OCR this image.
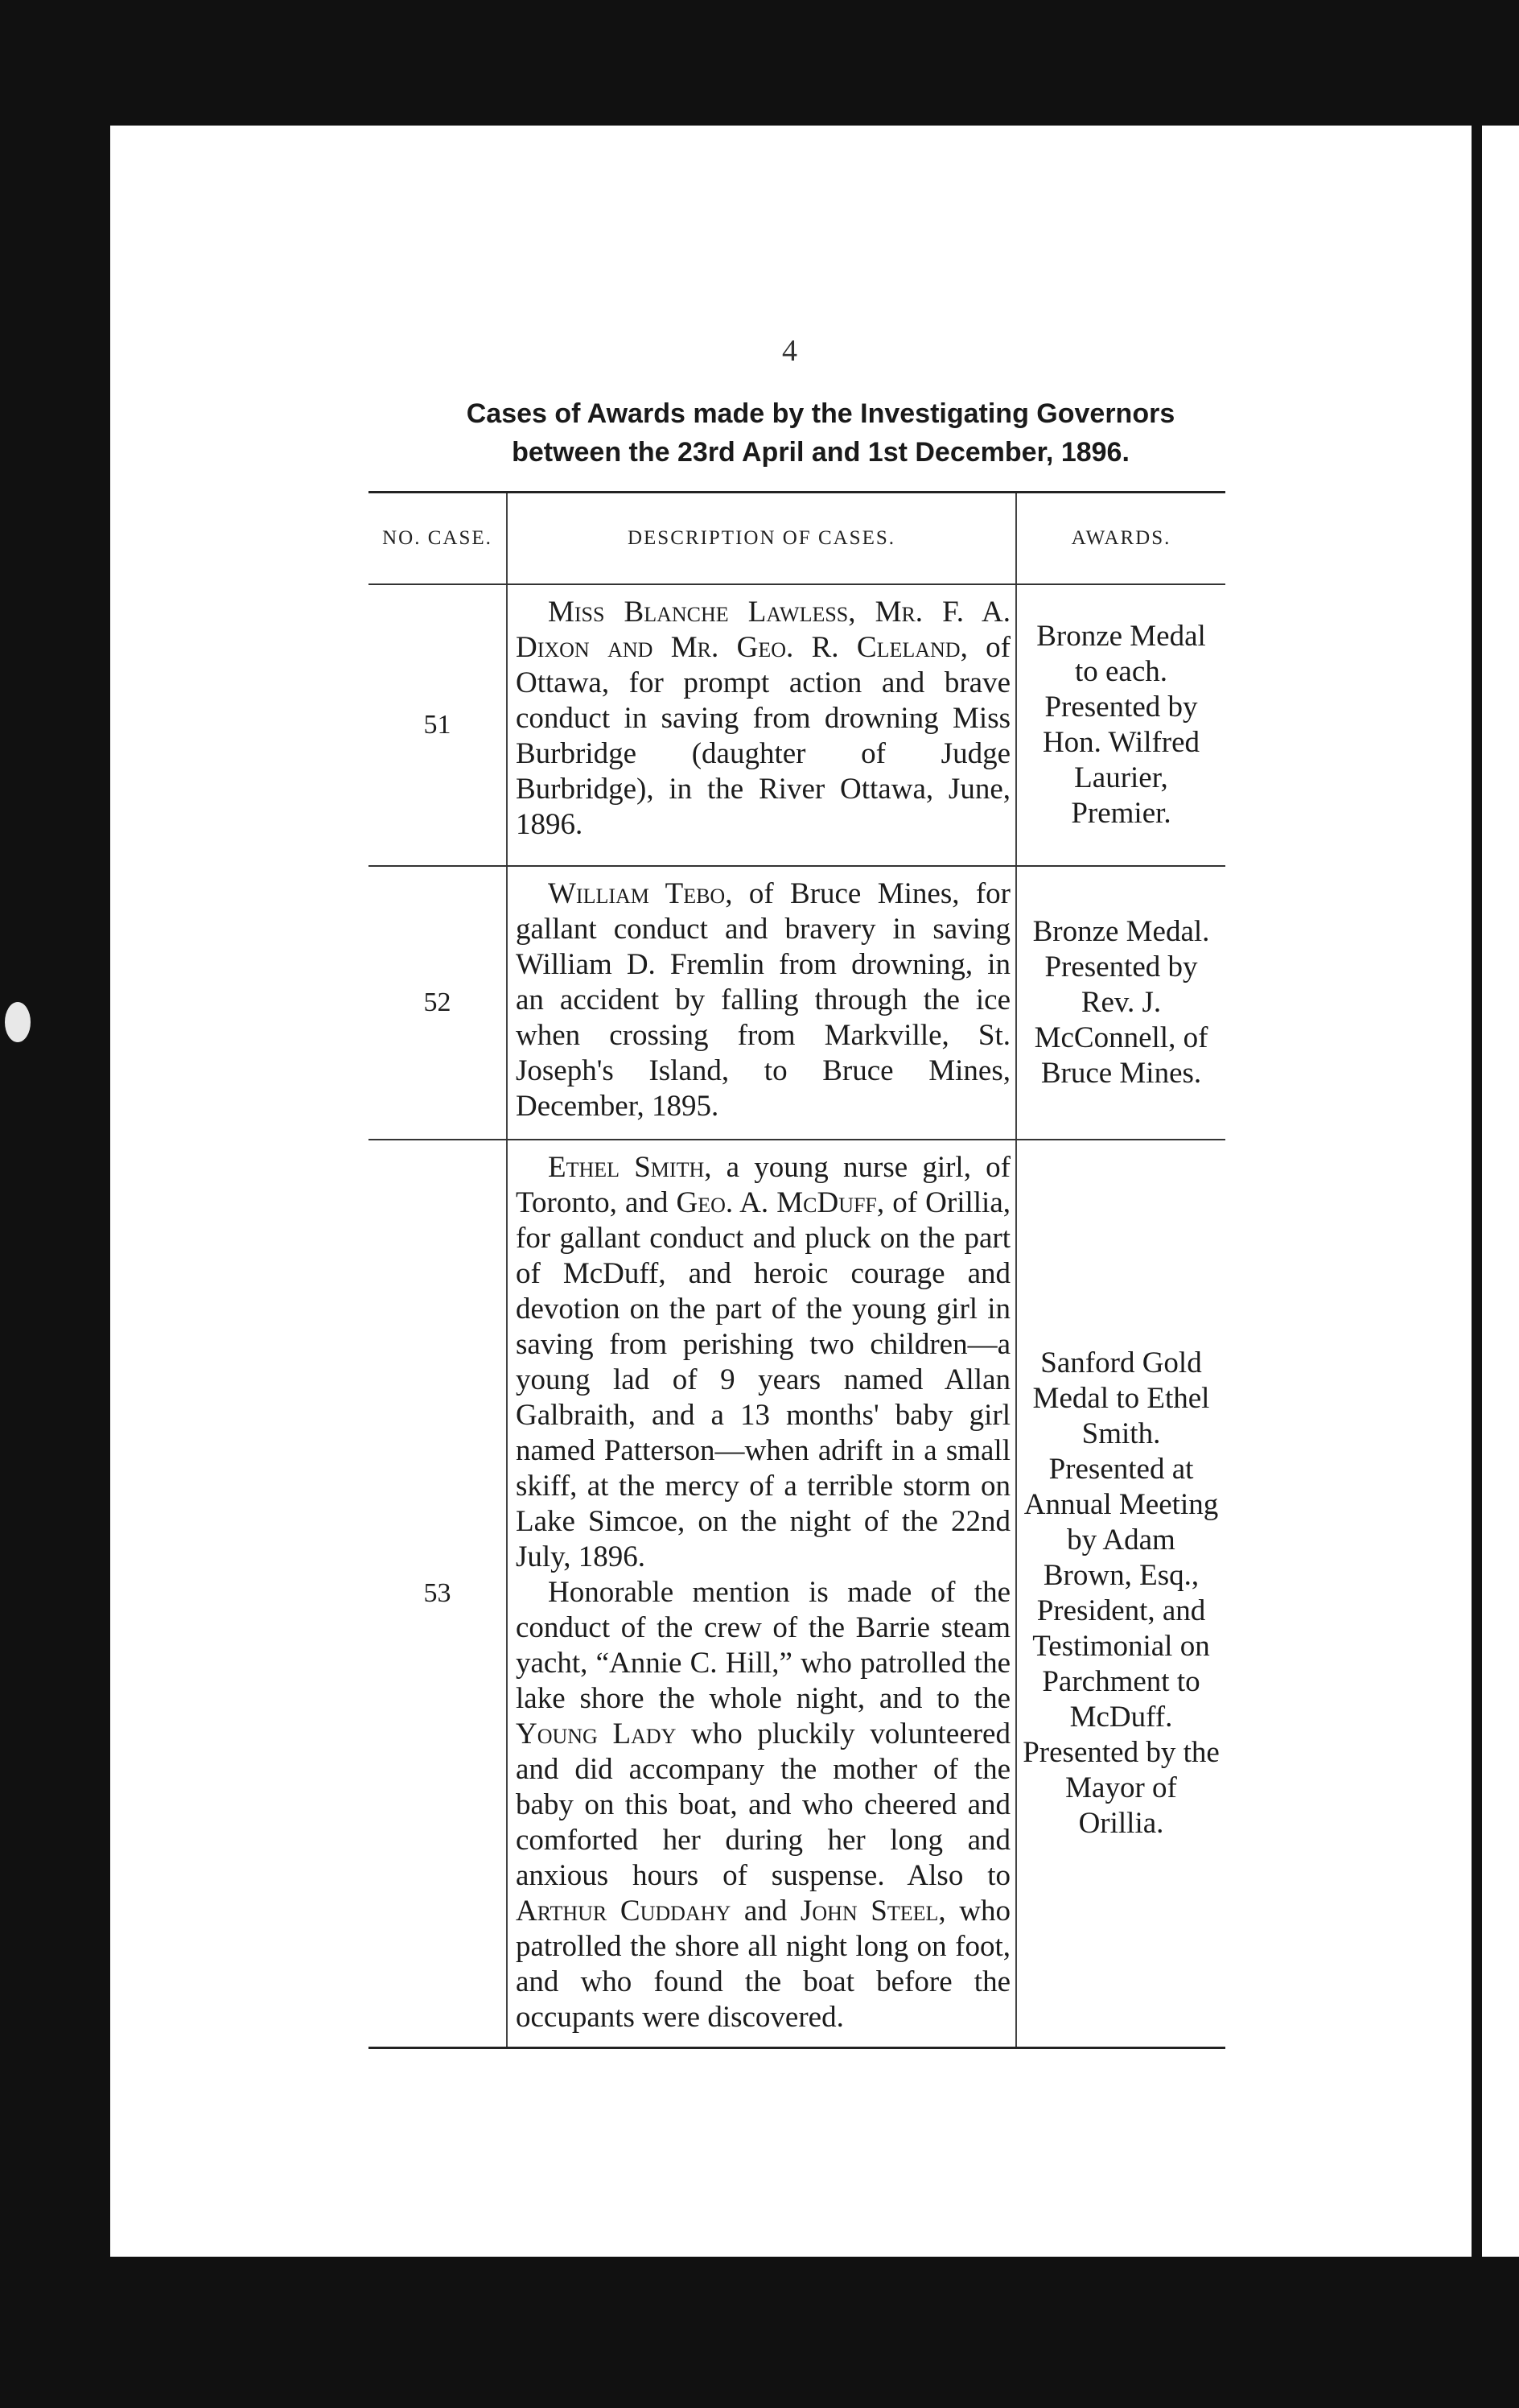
4
Cases of Awards made by the Investigating Governors
between the 23rd April and 1st December, 1896.
NO. CASE.	DESCRIPTION OF CASES.	AWARDS.
51	Miss Blanche Lawless, Mr. F. A. Dixon and Mr. Geo. R. Cleland, of Ottawa, for prompt action and brave conduct in saving from drowning Miss Burbridge (daughter of Judge Burbridge), in the River Ottawa, June, 1896.	Bronze Medal to each. Presented by Hon. Wilfred Laurier, Premier.
52	William Tebo, of Bruce Mines, for gallant conduct and bravery in saving William D. Fremlin from drowning, in an accident by falling through the ice when crossing from Markville, St. Joseph's Island, to Bruce Mines, December, 1895.	Bronze Medal. Presented by Rev. J. McConnell, of Bruce Mines.
53	Ethel Smith, a young nurse girl, of Toronto, and Geo. A. McDuff, of Orillia, for gallant conduct and pluck on the part of McDuff, and heroic courage and devotion on the part of the young girl in saving from perishing two children—a young lad of 9 years named Allan Galbraith, and a 13 months' baby girl named Patterson—when adrift in a small skiff, at the mercy of a terrible storm on Lake Simcoe, on the night of the 22nd July, 1896.

Honorable mention is made of the conduct of the crew of the Barrie steam yacht, “Annie C. Hill,” who patrolled the lake shore the whole night, and to the Young Lady who pluckily volunteered and did accompany the mother of the baby on this boat, and who cheered and comforted her during her long and anxious hours of suspense. Also to Arthur Cuddahy and John Steel, who patrolled the shore all night long on foot, and who found the boat before the occupants were discovered.	Sanford Gold Medal to Ethel Smith. Presented at Annual Meeting by Adam Brown, Esq., President, and Testimonial on Parchment to McDuff. Presented by the Mayor of Orillia.
